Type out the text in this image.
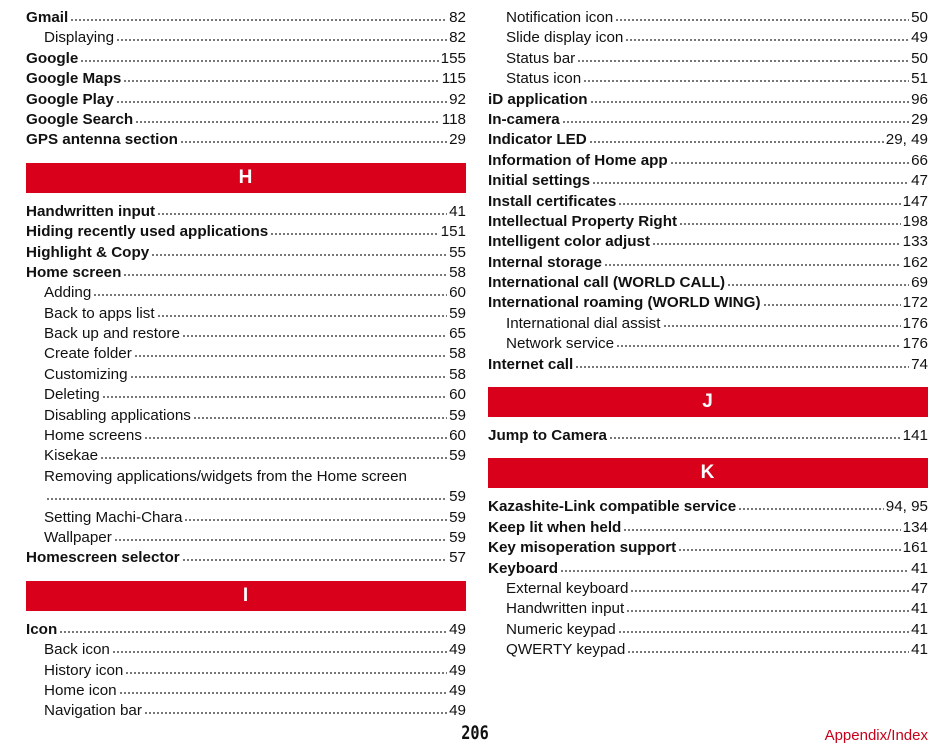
Gmail	82
Displaying	82
Google	155
Google Maps	115
Google Play	92
Google Search	118
GPS antenna section	29
H
Handwritten input	41
Hiding recently used applications	151
Highlight & Copy	55
Home screen	58
Adding	60
Back to apps list	59
Back up and restore	65
Create folder	58
Customizing	58
Deleting	60
Disabling applications	59
Home screens	60
Kisekae	59
Removing applications/widgets from the Home screen
59
Setting Machi-Chara	59
Wallpaper	59
Homescreen selector	57
I
Icon	49
Back icon	49
History icon	49
Home icon	49
Navigation bar	49
Notification icon	50
Slide display icon	49
Status bar	50
Status icon	51
iD application	96
In-camera	29
Indicator LED	29, 49
Information of Home app	66
Initial settings	47
Install certificates	147
Intellectual Property Right	198
Intelligent color adjust	133
Internal storage	162
International call (WORLD CALL)	69
International roaming (WORLD WING)	172
International dial assist	176
Network service	176
Internet call	74
J
Jump to Camera	141
K
Kazashite-Link compatible service	94, 95
Keep lit when held	134
Key misoperation support	161
Keyboard	41
External keyboard	47
Handwritten input	41
Numeric keypad	41
QWERTY keypad	41
206	Appendix/Index
